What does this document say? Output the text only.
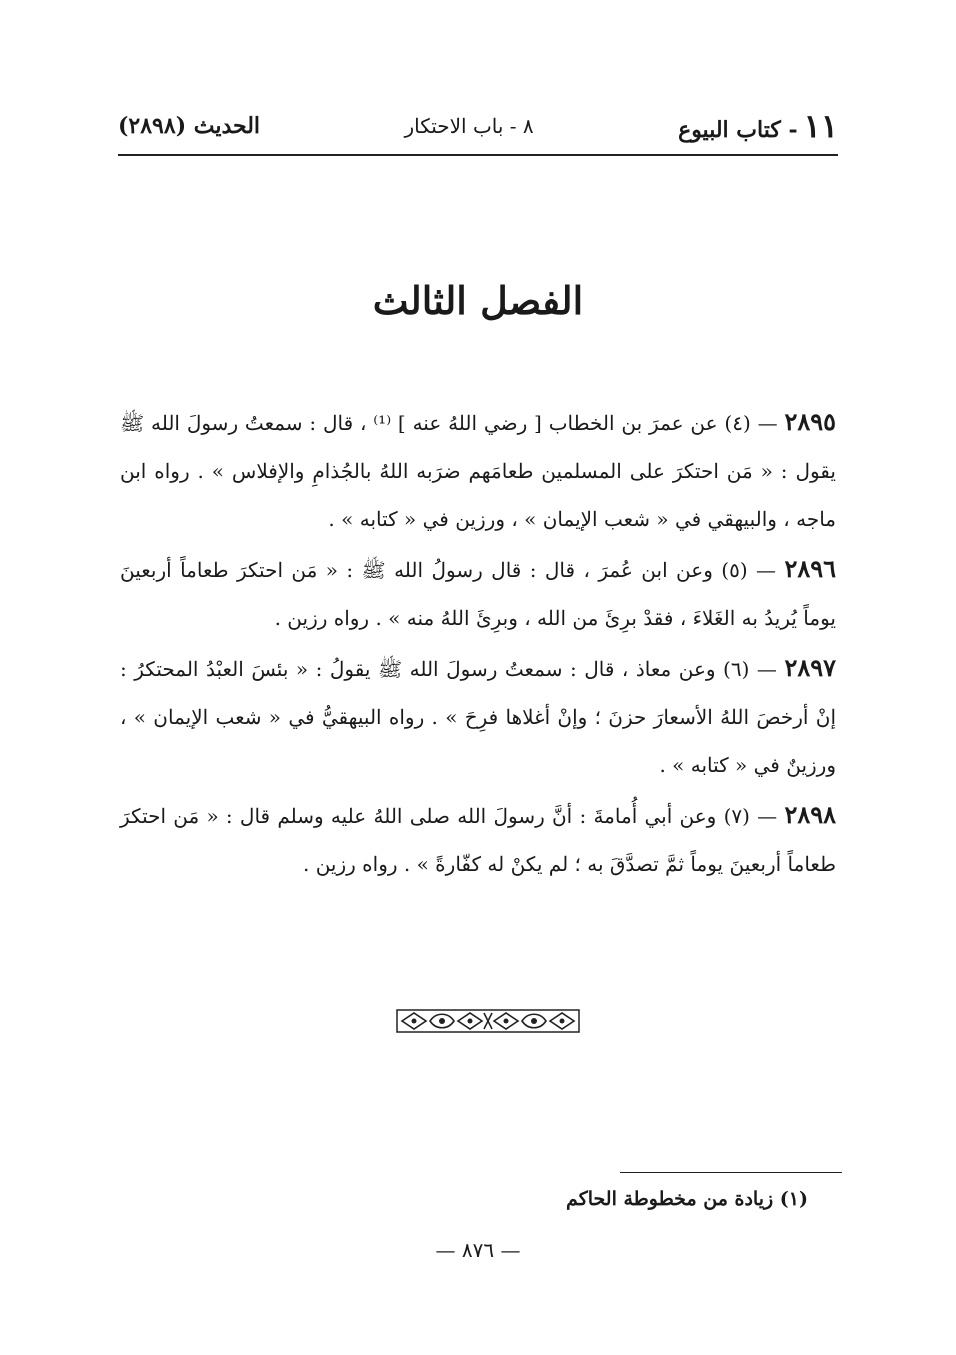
١١- كتاب البيوع
٨ - باب الاحتكار
الحديث (٢٨٩٨)
الفصل الثالث

٢٨٩٥ — (٤) عن عمرَ بن الخطاب [ رضي اللهُ عنه ] ⁽¹⁾ ، قال : سمعتُ رسولَ الله ﷺ يقول : « مَن احتكرَ على المسلمين طعامَهم ضرَبه اللهُ بالجُذامِ والإفلاس » . رواه ابن ماجه ، والبيهقي في « شعب الإيمان » ، ورزين في « كتابه » .

٢٨٩٦ — (٥) وعن ابن عُمرَ ، قال : قال رسولُ الله ﷺ : « مَن احتكرَ طعاماً أربعينَ يوماً يُريدُ به الغَلاءَ ، فقدْ برِئَ من الله ، وبرِئَ اللهُ منه » . رواه رزين .

٢٨٩٧ — (٦) وعن معاذ ، قال : سمعتُ رسولَ الله ﷺ يقولُ : « بئسَ العبْدُ المحتكرُ : إنْ أرخصَ اللهُ الأسعارَ حزنَ ؛ وإنْ أغلاها فرِحَ » . رواه البيهقيُّ في « شعب الإيمان » ، ورزينٌ في « كتابه » .

٢٨٩٨ — (٧) وعن أبي أُمامةَ : أنَّ رسولَ الله صلى اللهُ عليه وسلم قال : « مَن احتكرَ طعاماً أربعينَ يوماً ثمَّ تصدَّقَ به ؛ لم يكنْ له كفّارةً » . رواه رزين .

(١) زيادة من مخطوطة الحاكم
— ٨٧٦ —
